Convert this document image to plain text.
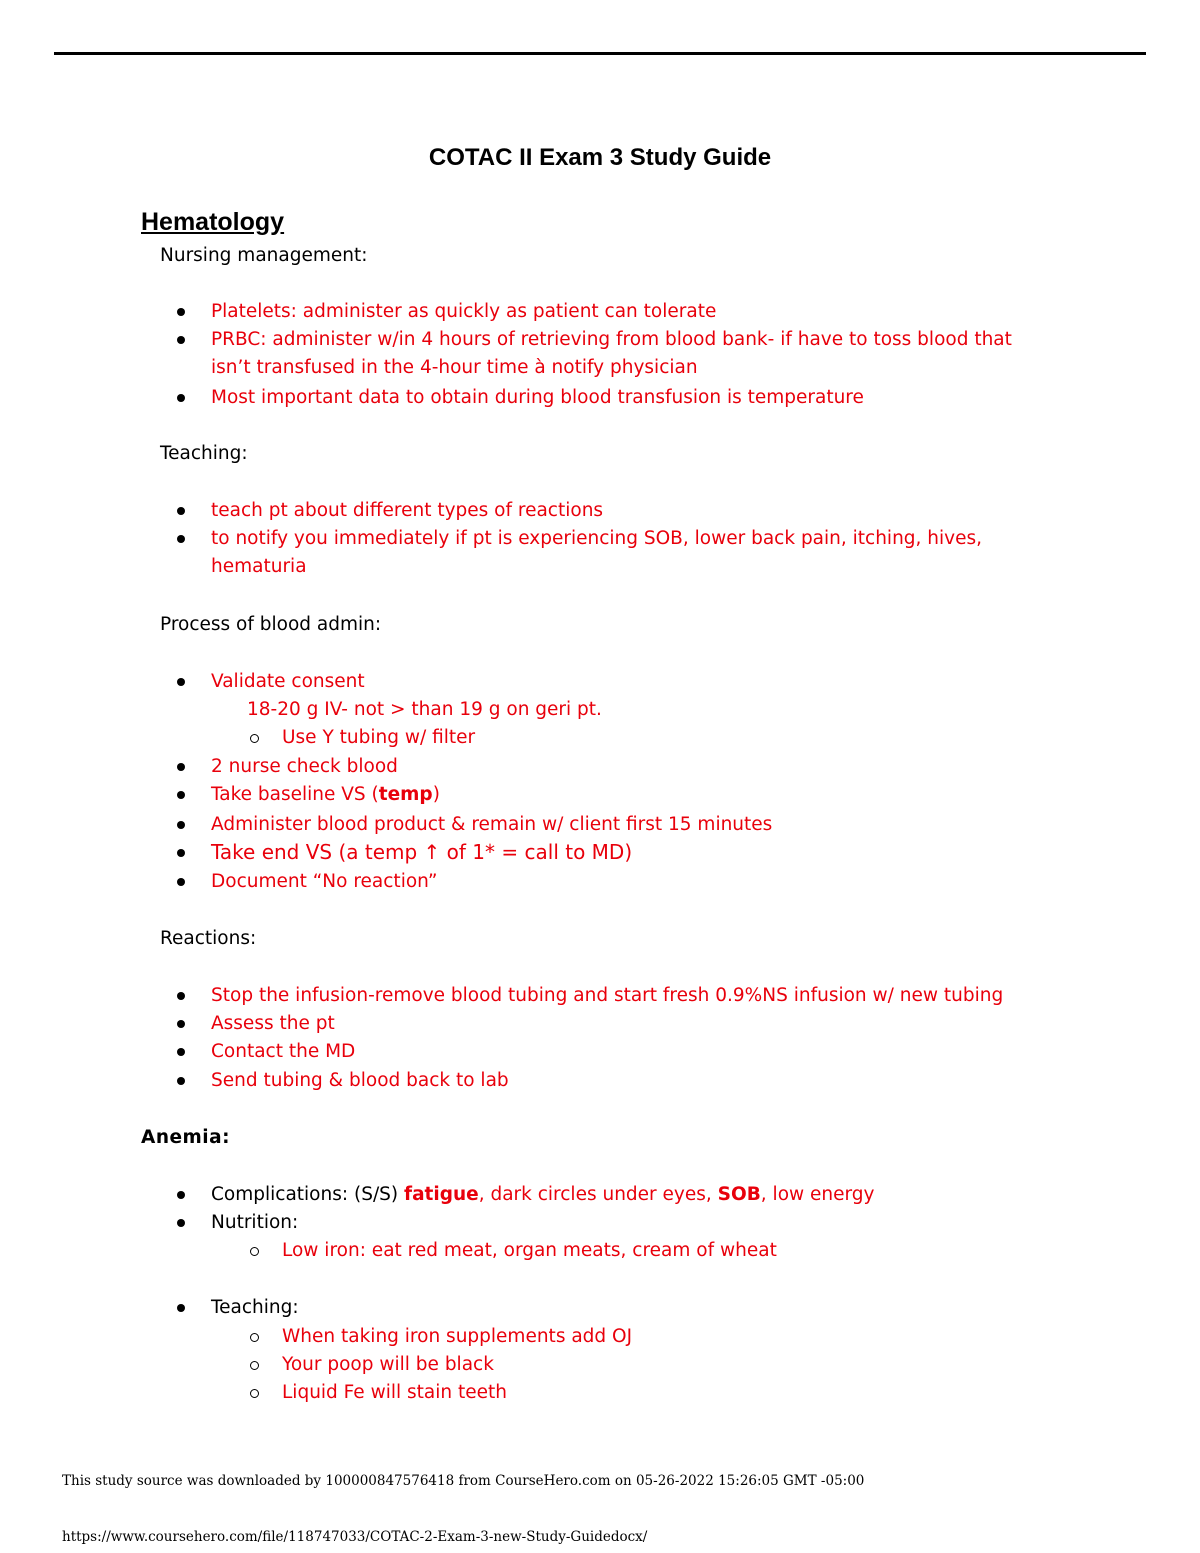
COTAC II Exam 3 Study Guide
Hematology
Nursing management:
Platelets: administer as quickly as patient can tolerate
PRBC: administer w/in 4 hours of retrieving from blood bank- if have to toss blood that
isn’t transfused in the 4-hour time à notify physician
Most important data to obtain during blood transfusion is temperature
Teaching:
teach pt about different types of reactions
to notify you immediately if pt is experiencing SOB, lower back pain, itching, hives,
hematuria
Process of blood admin:
Validate consent
18-20 g IV- not > than 19 g on geri pt.
Use Y tubing w/ filter
2 nurse check blood
Take baseline VS (temp)
Administer blood product & remain w/ client first 15 minutes
Take end VS (a temp ↑ of 1* = call to MD)
Document “No reaction”
Reactions:
Stop the infusion-remove blood tubing and start fresh 0.9%NS infusion w/ new tubing
Assess the pt
Contact the MD
Send tubing & blood back to lab
Anemia:
Complications: (S/S) fatigue, dark circles under eyes, SOB, low energy
Nutrition:
Low iron: eat red meat, organ meats, cream of wheat
Teaching:
When taking iron supplements add OJ
Your poop will be black
Liquid Fe will stain teeth
This study source was downloaded by 100000847576418 from CourseHero.com on 05-26-2022 15:26:05 GMT -05:00
https://www.coursehero.com/file/118747033/COTAC-2-Exam-3-new-Study-Guidedocx/
